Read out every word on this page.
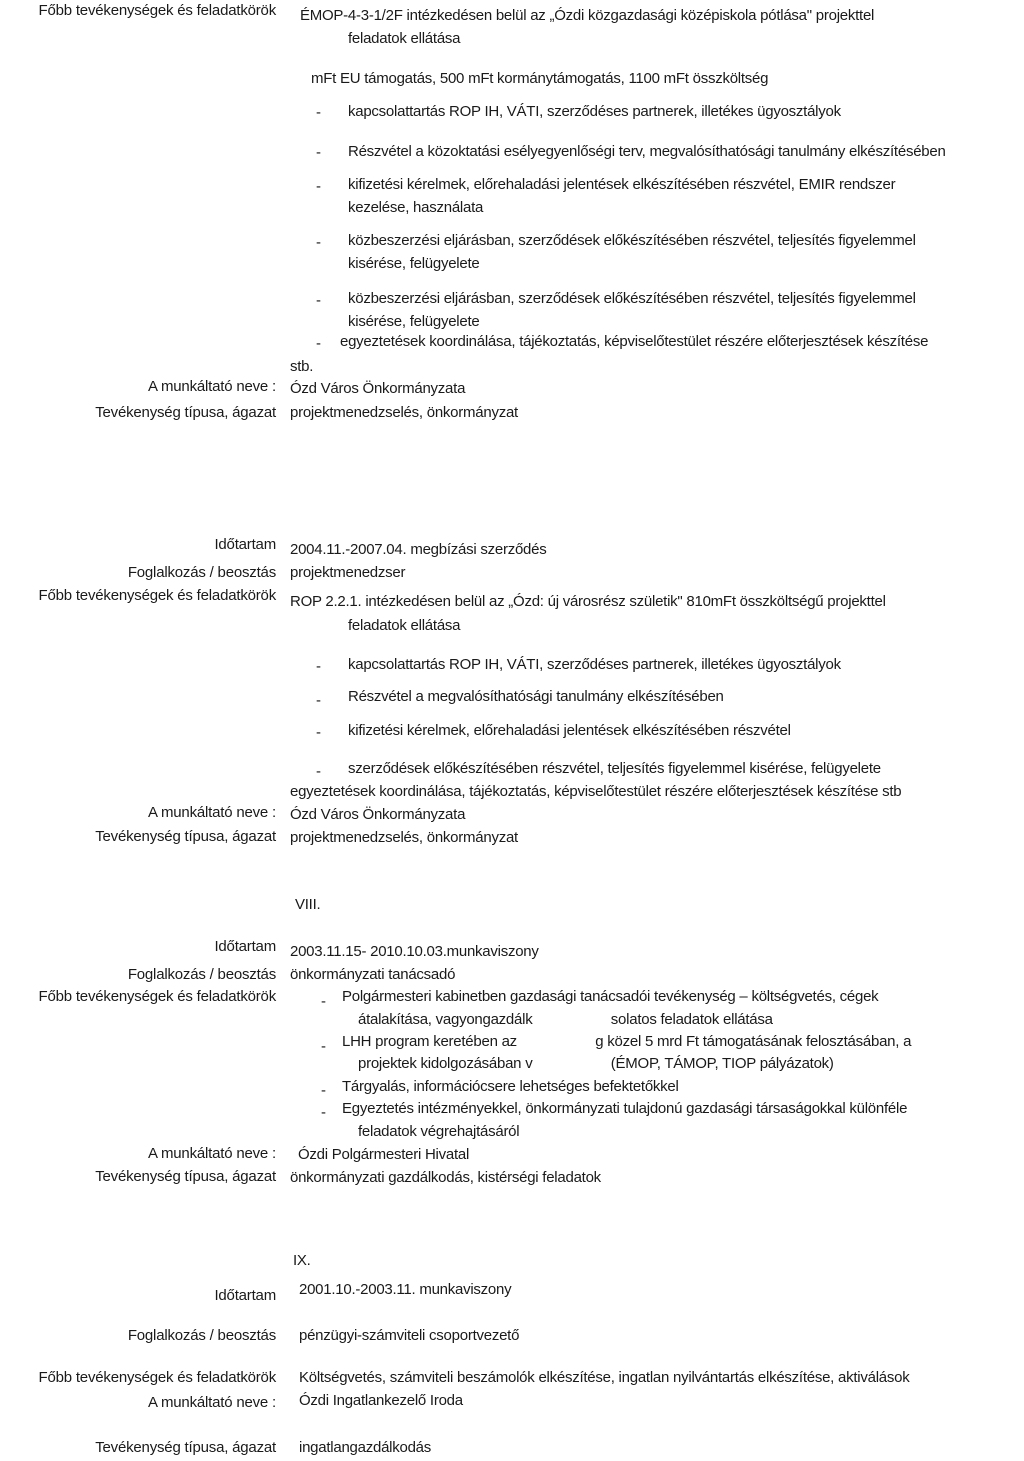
Főbb tevékenységek és feladatkörök ÉMOP-4-3-1/2F intézkedésen belül az „Ózdi közgazdasági középiskola pótlása" projekttel
feladatok ellátása
mFt EU támogatás, 500 mFt kormánytámogatás, 1100 mFt összköltség
- kapcsolattartás ROP IH, VÁTI, szerződéses partnerek, illetékes ügyosztályok
- Részvétel a közoktatási esélyegyenlőségi terv, megvalósíthatósági tanulmány elkészítésében
- kifizetési kérelmek, előrehaladási jelentések elkészítésében részvétel, EMIR rendszer
kezelése, használata
- közbeszerzési eljárásban, szerződések előkészítésében részvétel, teljesítés figyelemmel
kisérése, felügyelete
- közbeszerzési eljárásban, szerződések előkészítésében részvétel, teljesítés figyelemmel
kisérése, felügyelete
- egyeztetések koordinálása, tájékoztatás, képviselőtestület részére előterjesztések készítése
stb.
A munkáltató neve : Ózd Város Önkormányzata
Tevékenység típusa, ágazat projektmenedzselés, önkormányzat
Időtartam 2004.11.-2007.04. megbízási szerződés
Foglalkozás / beosztás projektmenedzser
Főbb tevékenységek és feladatkörök ROP 2.2.1. intézkedésen belül az „Ózd: új városrész születik" 810mFt összköltségű projekttel
feladatok ellátása
- kapcsolattartás ROP IH, VÁTI, szerződéses partnerek, illetékes ügyosztályok
- Részvétel a megvalósíthatósági tanulmány elkészítésében
- kifizetési kérelmek, előrehaladási jelentések elkészítésében részvétel
- szerződések előkészítésében részvétel, teljesítés figyelemmel kisérése, felügyelete
egyeztetések koordinálása, tájékoztatás, képviselőtestület részére előterjesztések készítése stb
A munkáltató neve : Ózd Város Önkormányzata
Tevékenység típusa, ágazat projektmenedzselés, önkormányzat
VIII.
Időtartam 2003.11.15- 2010.10.03.munkaviszony
Foglalkozás / beosztás önkormányzati tanácsadó
Főbb tevékenységek és feladatkörök	- Polgármesteri kabinetben gazdasági tanácsadói tevékenység – költségvetés, cégek
átalakítása, vagyongazdálk                    solatos feladatok ellátása
- LHH program keretében az                    g közel 5 mrd Ft támogatásának felosztásában, a
projektek kidolgozásában v                    (ÉMOP, TÁMOP, TIOP pályázatok)
- Tárgyalás, információcsere lehetséges befektetőkkel
- Egyeztetés intézményekkel, önkormányzati tulajdonú gazdasági társaságokkal különféle
feladatok végrehajtásáról
A munkáltató neve : Ózdi Polgármesteri Hivatal
Tevékenység típusa, ágazat önkormányzati gazdálkodás, kistérségi feladatok
IX.
Időtartam 2001.10.-2003.11. munkaviszony
Foglalkozás / beosztás pénzügyi-számviteli csoportvezető
Főbb tevékenységek és feladatkörök Költségvetés, számviteli beszámolók elkészítése, ingatlan nyilvántartás elkészítése, aktiválások
A munkáltató neve : Ózdi Ingatlankezelő Iroda
Tevékenység típusa, ágazat ingatlangazdálkodás
